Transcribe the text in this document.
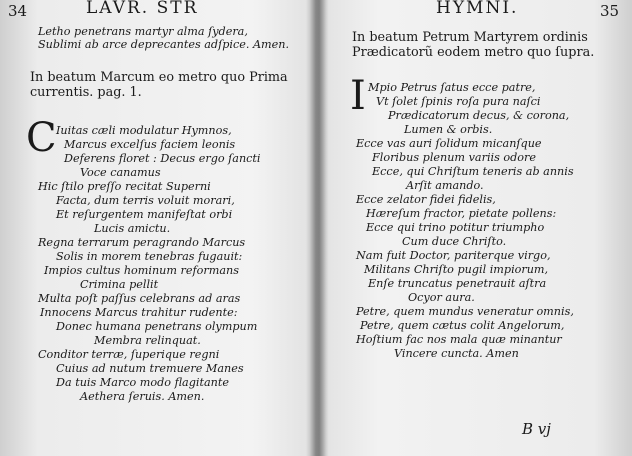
34	LAVR. STR
Letho penetrans martyr alma ſydera,
Sublimi ab arce deprecantes adſpice. Amen.
In beatum Marcum eo metro quo Prima
currentis. pag. 1.
C Iuitas cæli modulatur Hymnos,
Marcus excelſus faciem leonis
Deferens floret : Decus ergo ſancti
Voce canamus
Hic ſtilo preſſo recitat Superni
Facta, dum terris voluit morari,
Et reſurgentem manifeſtat orbi
Lucis amictu.
Regna terrarum peragrando Marcus
Solis in morem tenebras fugauit:
Impios cultus hominum reformans
Crimina pellit
Multa poſt paſſus celebrans ad aras
Innocens Marcus trahitur rudente:
Donec humana penetrans olympum
Membra relinquat.
Conditor terræ, ſuperique regni
Cuius ad nutum tremuere Manes
Da tuis Marco modo flagitante
Aethera ſeruis. Amen.
HYMNI.	35
In beatum Petrum Martyrem ordinis
Prædicatorũ eodem metro quo ſupra.
I Mpio Petrus ſatus ecce patre,
Vt ſolet ſpinis roſa pura naſci
Prædicatorum decus, & corona,
Lumen & orbis.
Ecce vas auri ſolidum micanſque
Floribus plenum variis odore
Ecce, qui Chriſtum teneris ab annis
Arſit amando.
Ecce zelator fidei fidelis,
Hæreſum fractor, pietate pollens:
Ecce qui trino potitur triumpho
Cum duce Chriſto.
Nam fuit Doctor, pariterque virgo,
Militans Chriſto pugil impiorum,
Enſe truncatus penetrauit aſtra
Ocyor aura.
Petre, quem mundus veneratur omnis,
Petre, quem cætus colit Angelorum,
Hoſtium fac nos mala quæ minantur
Vincere cuncta. Amen
B vj
